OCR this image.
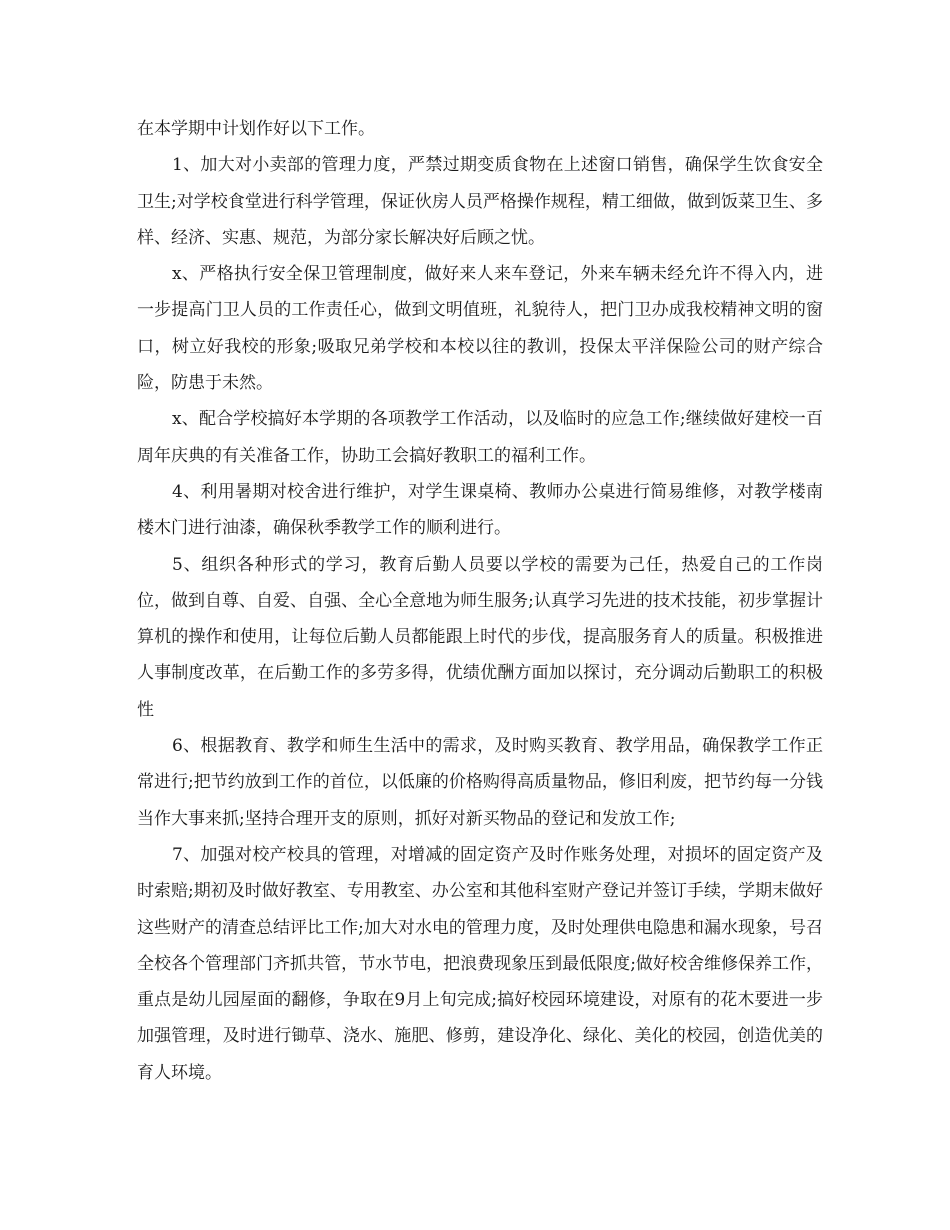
在本学期中计划作好以下工作。

1、加大对小卖部的管理力度，严禁过期变质食物在上述窗口销售，确保学生饮食安全卫生;对学校食堂进行科学管理，保证伙房人员严格操作规程，精工细做，做到饭菜卫生、多样、经济、实惠、规范，为部分家长解决好后顾之忧。

x、严格执行安全保卫管理制度，做好来人来车登记，外来车辆未经允许不得入内，进一步提高门卫人员的工作责任心，做到文明值班，礼貌待人，把门卫办成我校精神文明的窗口，树立好我校的形象;吸取兄弟学校和本校以往的教训，投保太平洋保险公司的财产综合险，防患于未然。

x、配合学校搞好本学期的各项教学工作活动，以及临时的应急工作;继续做好建校一百周年庆典的有关准备工作，协助工会搞好教职工的福利工作。

4、利用暑期对校舍进行维护，对学生课桌椅、教师办公桌进行简易维修，对教学楼南楼木门进行油漆，确保秋季教学工作的顺利进行。

5、组织各种形式的学习，教育后勤人员要以学校的需要为己任，热爱自己的工作岗位，做到自尊、自爱、自强、全心全意地为师生服务;认真学习先进的技术技能，初步掌握计算机的操作和使用，让每位后勤人员都能跟上时代的步伐，提高服务育人的质量。积极推进人事制度改革，在后勤工作的多劳多得，优绩优酬方面加以探讨，充分调动后勤职工的积极性

6、根据教育、教学和师生生活中的需求，及时购买教育、教学用品，确保教学工作正常进行;把节约放到工作的首位，以低廉的价格购得高质量物品，修旧利废，把节约每一分钱当作大事来抓;坚持合理开支的原则，抓好对新买物品的登记和发放工作;

7、加强对校产校具的管理，对增减的固定资产及时作账务处理，对损坏的固定资产及时索赔;期初及时做好教室、专用教室、办公室和其他科室财产登记并签订手续，学期末做好这些财产的清查总结评比工作;加大对水电的管理力度，及时处理供电隐患和漏水现象，号召全校各个管理部门齐抓共管，节水节电，把浪费现象压到最低限度;做好校舍维修保养工作，重点是幼儿园屋面的翻修，争取在9月上旬完成;搞好校园环境建设，对原有的花木要进一步加强管理，及时进行锄草、浇水、施肥、修剪，建设净化、绿化、美化的校园，创造优美的育人环境。
